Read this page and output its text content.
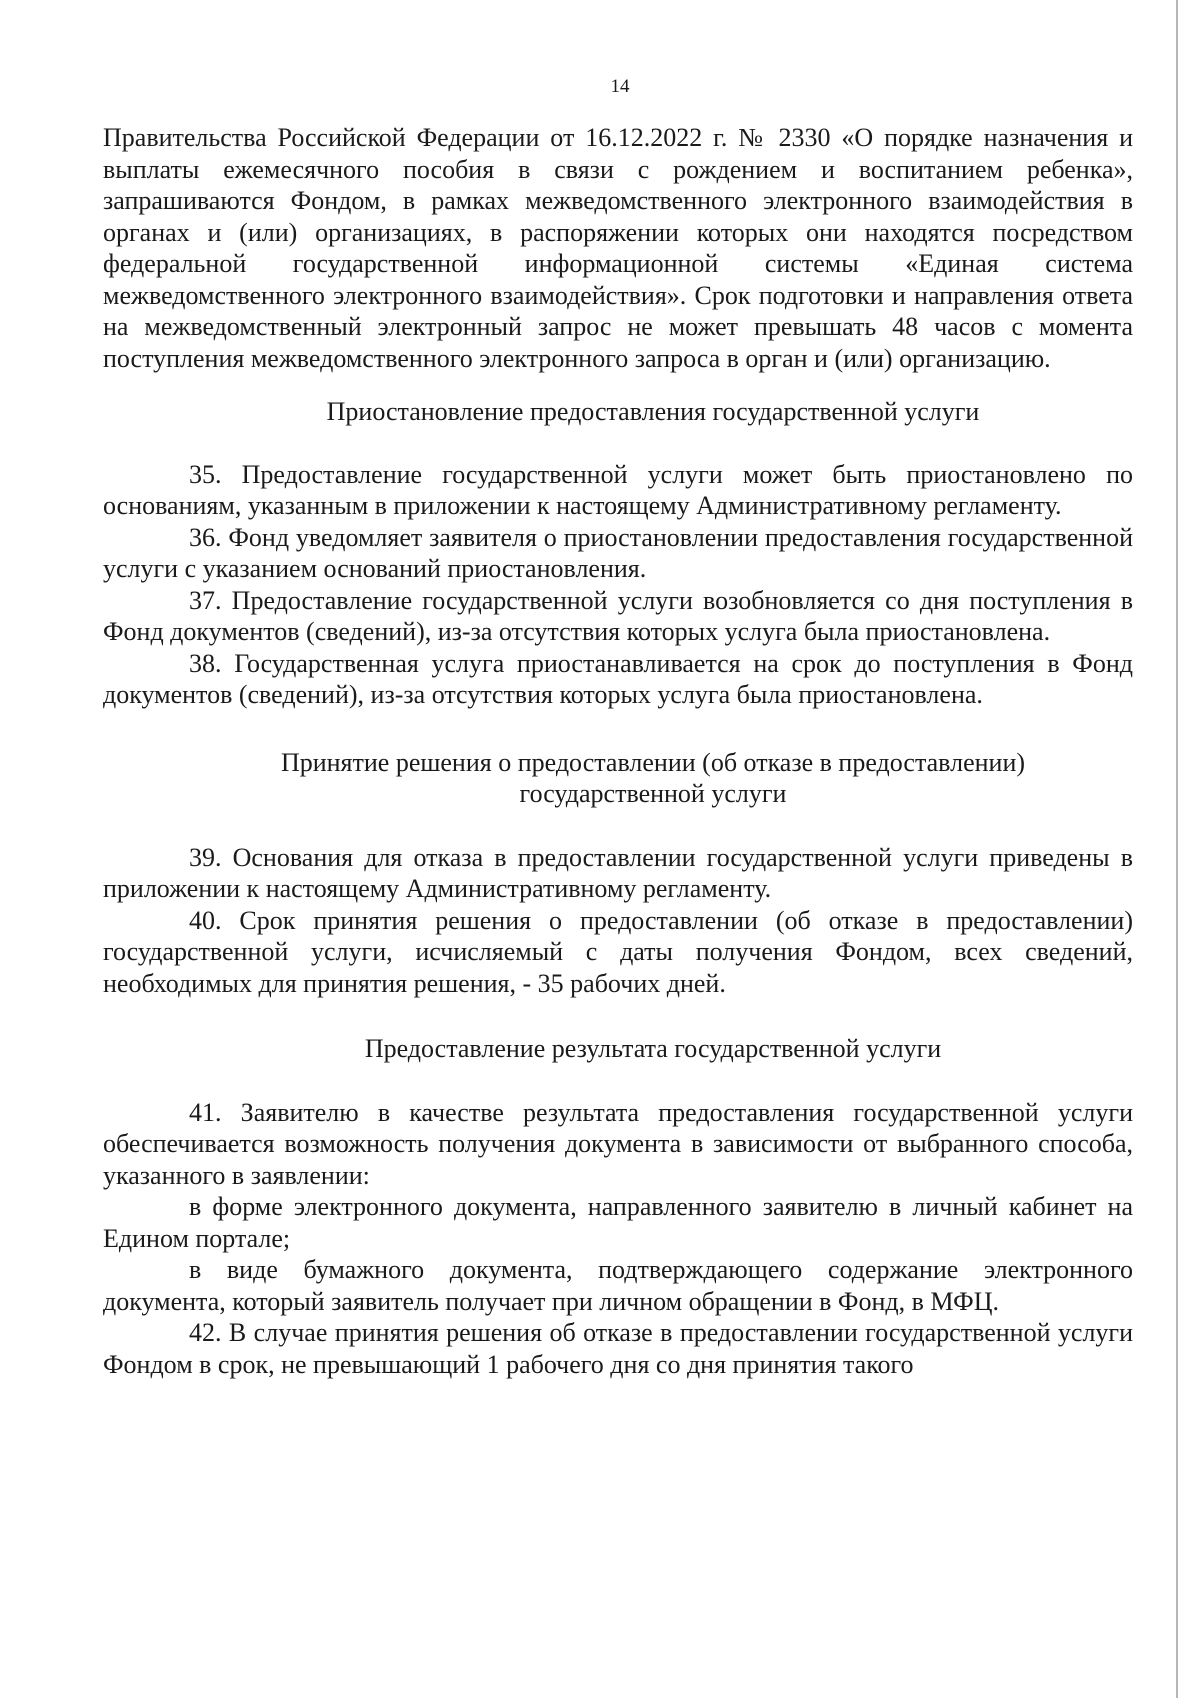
14

Правительства Российской Федерации от 16.12.2022 г. № 2330 «О порядке назначения и выплаты ежемесячного пособия в связи с рождением и воспитанием ребенка», запрашиваются Фондом, в рамках межведомственного электронного взаимодействия в органах и (или) организациях, в распоряжении которых они находятся посредством федеральной государственной информационной системы «Единая система межведомственного электронного взаимодействия». Срок подготовки и направления ответа на межведомственный электронный запрос не может превышать 48 часов с момента поступления межведомственного электронного запроса в орган и (или) организацию.

Приостановление предоставления государственной услуги

35. Предоставление государственной услуги может быть приостановлено по основаниям, указанным в приложении к настоящему Административному регламенту.

36. Фонд уведомляет заявителя о приостановлении предоставления государственной услуги с указанием оснований приостановления.

37. Предоставление государственной услуги возобновляется со дня поступления в Фонд документов (сведений), из-за отсутствия которых услуга была приостановлена.

38. Государственная услуга приостанавливается на срок до поступления в Фонд документов (сведений), из-за отсутствия которых услуга была приостановлена.

Принятие решения о предоставлении (об отказе в предоставлении)
государственной услуги

39. Основания для отказа в предоставлении государственной услуги приведены в приложении к настоящему Административному регламенту.

40. Срок принятия решения о предоставлении (об отказе в предоставлении) государственной услуги, исчисляемый с даты получения Фондом, всех сведений, необходимых для принятия решения, - 35 рабочих дней.

Предоставление результата государственной услуги

41. Заявителю в качестве результата предоставления государственной услуги обеспечивается возможность получения документа в зависимости от выбранного способа, указанного в заявлении:

в форме электронного документа, направленного заявителю в личный кабинет на Едином портале;

в виде бумажного документа, подтверждающего содержание электронного документа, который заявитель получает при личном обращении в Фонд, в МФЦ.

42. В случае принятия решения об отказе в предоставлении государственной услуги Фондом в срок, не превышающий 1 рабочего дня со дня принятия такого
